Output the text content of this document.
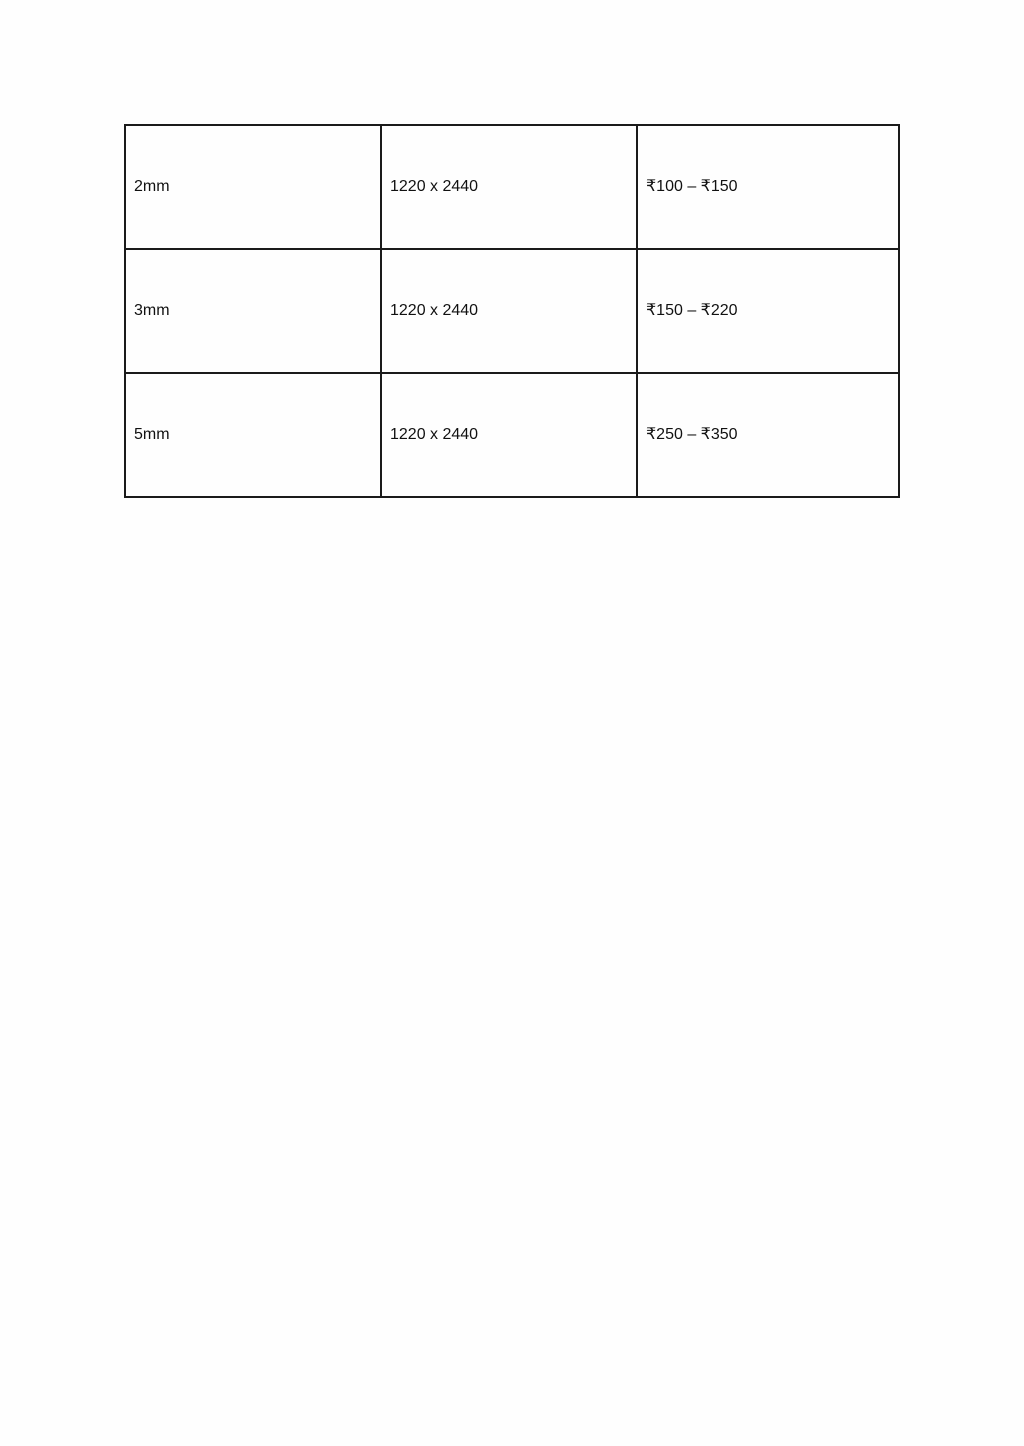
2mm	1220 x 2440	₹100 – ₹150
3mm	1220 x 2440	₹150 – ₹220
5mm	1220 x 2440	₹250 – ₹350
